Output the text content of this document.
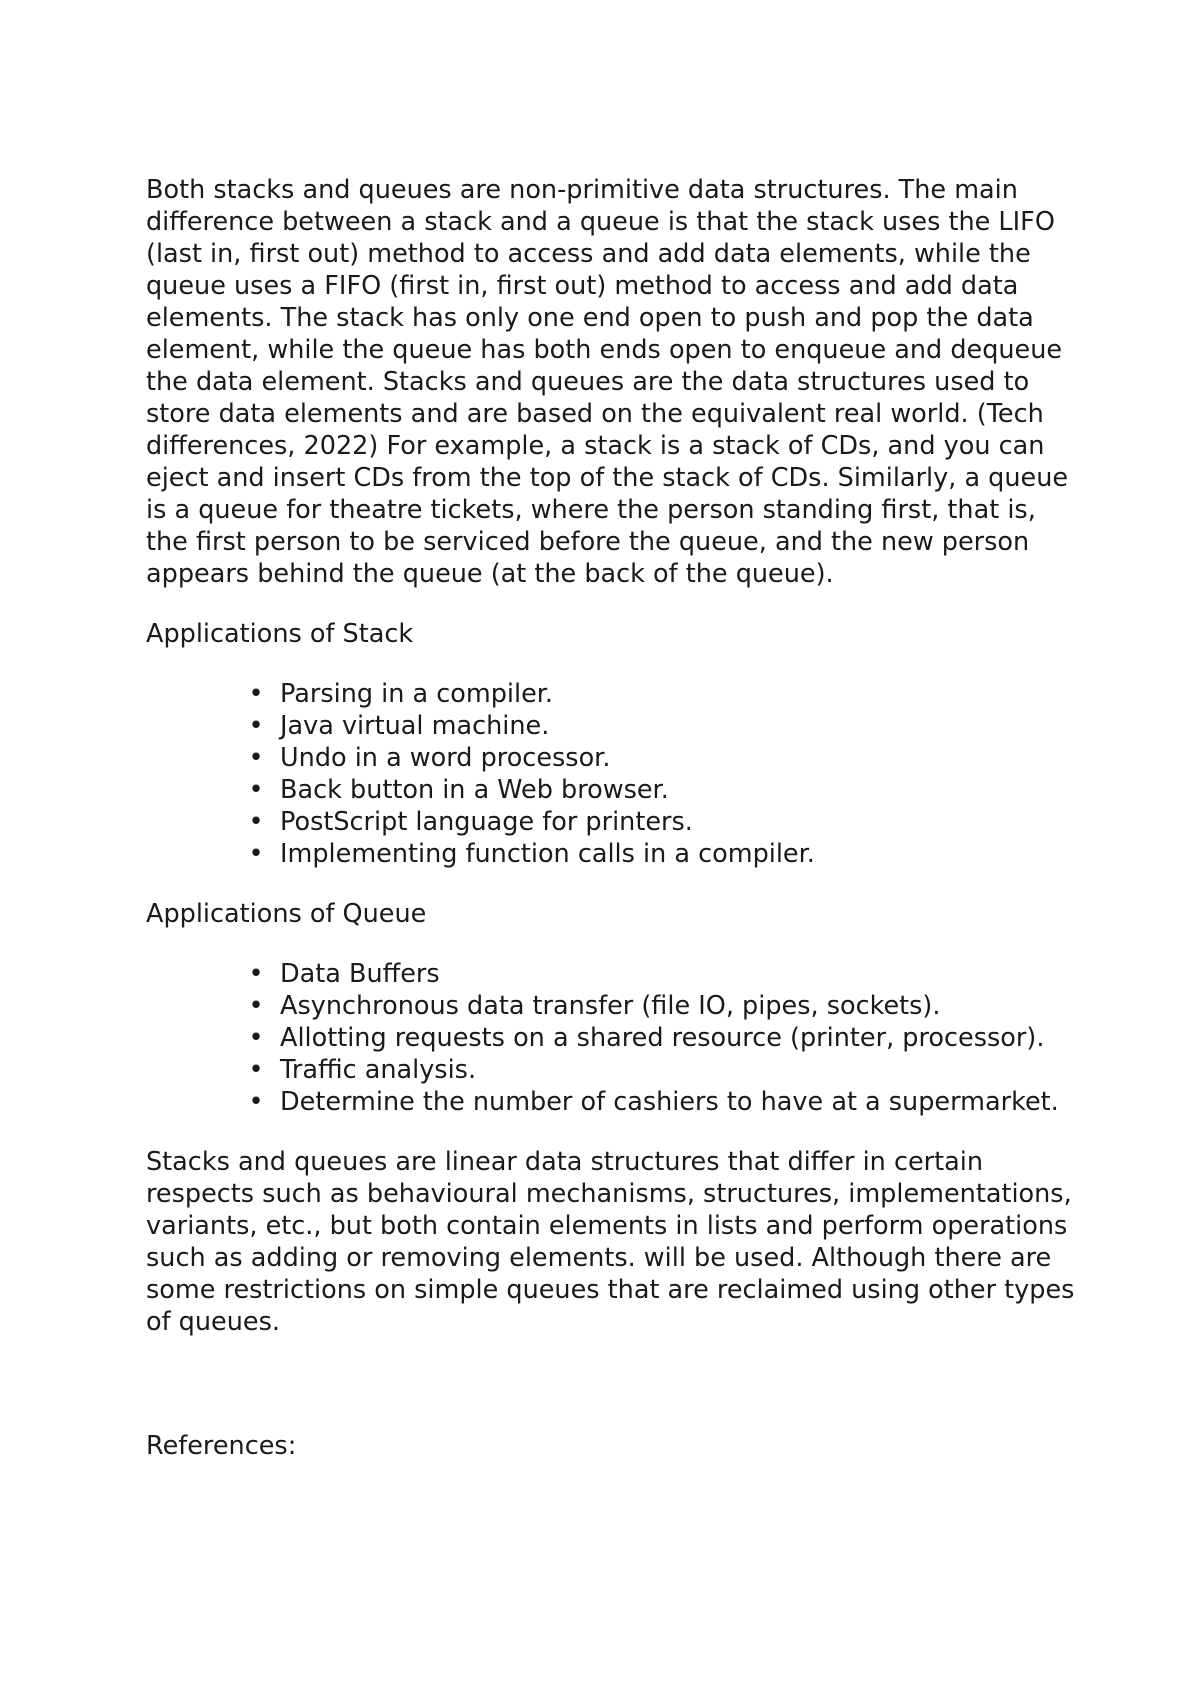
Both stacks and queues are non-primitive data structures. The main difference between a stack and a queue is that the stack uses the LIFO (last in, first out) method to access and add data elements, while the queue uses a FIFO (first in, first out) method to access and add data elements. The stack has only one end open to push and pop the data element, while the queue has both ends open to enqueue and dequeue the data element. Stacks and queues are the data structures used to store data elements and are based on the equivalent real world. (Tech differences, 2022) For example, a stack is a stack of CDs, and you can eject and insert CDs from the top of the stack of CDs. Similarly, a queue is a queue for theatre tickets, where the person standing first, that is, the first person to be serviced before the queue, and the new person appears behind the queue (at the back of the queue).

Applications of Stack

• Parsing in a compiler.
• Java virtual machine.
• Undo in a word processor.
• Back button in a Web browser.
• PostScript language for printers.
• Implementing function calls in a compiler.

Applications of Queue

• Data Buffers
• Asynchronous data transfer (file IO, pipes, sockets).
• Allotting requests on a shared resource (printer, processor).
• Traffic analysis.
• Determine the number of cashiers to have at a supermarket.

Stacks and queues are linear data structures that differ in certain respects such as behavioural mechanisms, structures, implementations, variants, etc., but both contain elements in lists and perform operations such as adding or removing elements. will be used. Although there are some restrictions on simple queues that are reclaimed using other types of queues.

References:
